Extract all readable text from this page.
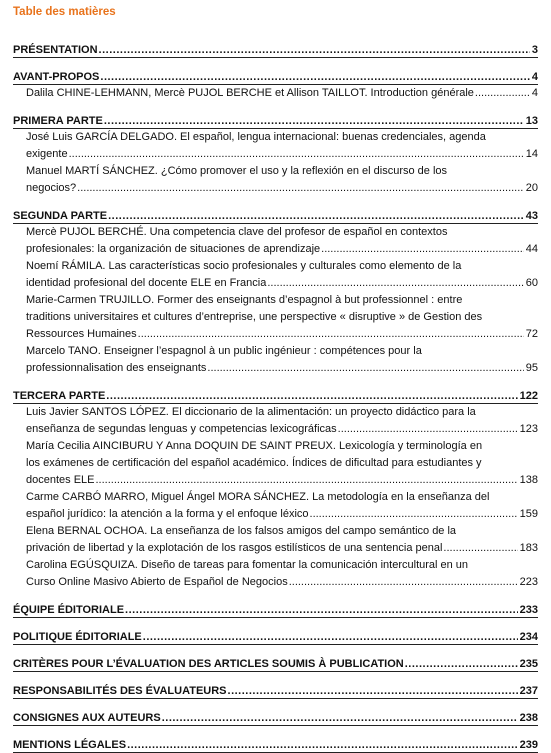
Table des matières
PRÉSENTATION .....	3
AVANT-PROPOS .....	4
Dalila CHINE-LEHMANN, Mercè PUJOL BERCHE et Allison TAILLOT. Introduction générale .....	4
PRIMERA PARTE .....	13
José Luis GARCÍA DELGADO. El español, lengua internacional: buenas credenciales, agenda
exigente .....	14
Manuel MARTÍ SÁNCHEZ. ¿Cómo promover el uso y la reflexión en el discurso de los
negocios? .....	20
SEGUNDA PARTE .....	43
Mercè PUJOL BERCHÉ. Una competencia clave del profesor de español en contextos
profesionales: la organización de situaciones de aprendizaje .....	44
Noemí RÁMILA. Las características socio profesionales y culturales como elemento de la
identidad profesional del docente ELE en Francia .....	60
Marie-Carmen TRUJILLO. Former des enseignants d’espagnol à but professionnel : entre
traditions universitaires et cultures d’entreprise, une perspective « disruptive » de Gestion des
Ressources Humaines .....	72
Marcelo TANO. Enseigner l’espagnol à un public ingénieur : compétences pour la
professionnalisation des enseignants .....	95
TERCERA PARTE .....	122
Luis Javier SANTOS LÓPEZ. El diccionario de la alimentación: un proyecto didáctico para la
enseñanza de segundas lenguas y competencias lexicográficas .....	123
María Cecilia AINCIBURU Y Anna DOQUIN DE SAINT PREUX. Lexicología y terminología en
los exámenes de certificación del español académico. Índices de dificultad para estudiantes y
docentes ELE .....	138
Carme CARBÓ MARRO, Miguel Ángel MORA SÁNCHEZ. La metodología en la enseñanza del
español jurídico: la atención a la forma y el enfoque léxico .....	159
Elena BERNAL OCHOA. La enseñanza de los falsos amigos del campo semántico de la
privación de libertad y la explotación de los rasgos estilísticos de una sentencia penal .....	183
Carolina EGÚSQUIZA. Diseño de tareas para fomentar la comunicación intercultural en un
Curso Online Masivo Abierto de Español de Negocios .....	223
ÉQUIPE ÉDITORIALE .....	233
POLITIQUE ÉDITORIALE .....	234
CRITÈRES POUR L’ÉVALUATION DES ARTICLES SOUMIS À PUBLICATION .....	235
RESPONSABILITÉS DES ÉVALUATEURS .....	237
CONSIGNES AUX AUTEURS .....	238
MENTIONS LÉGALES .....	239
